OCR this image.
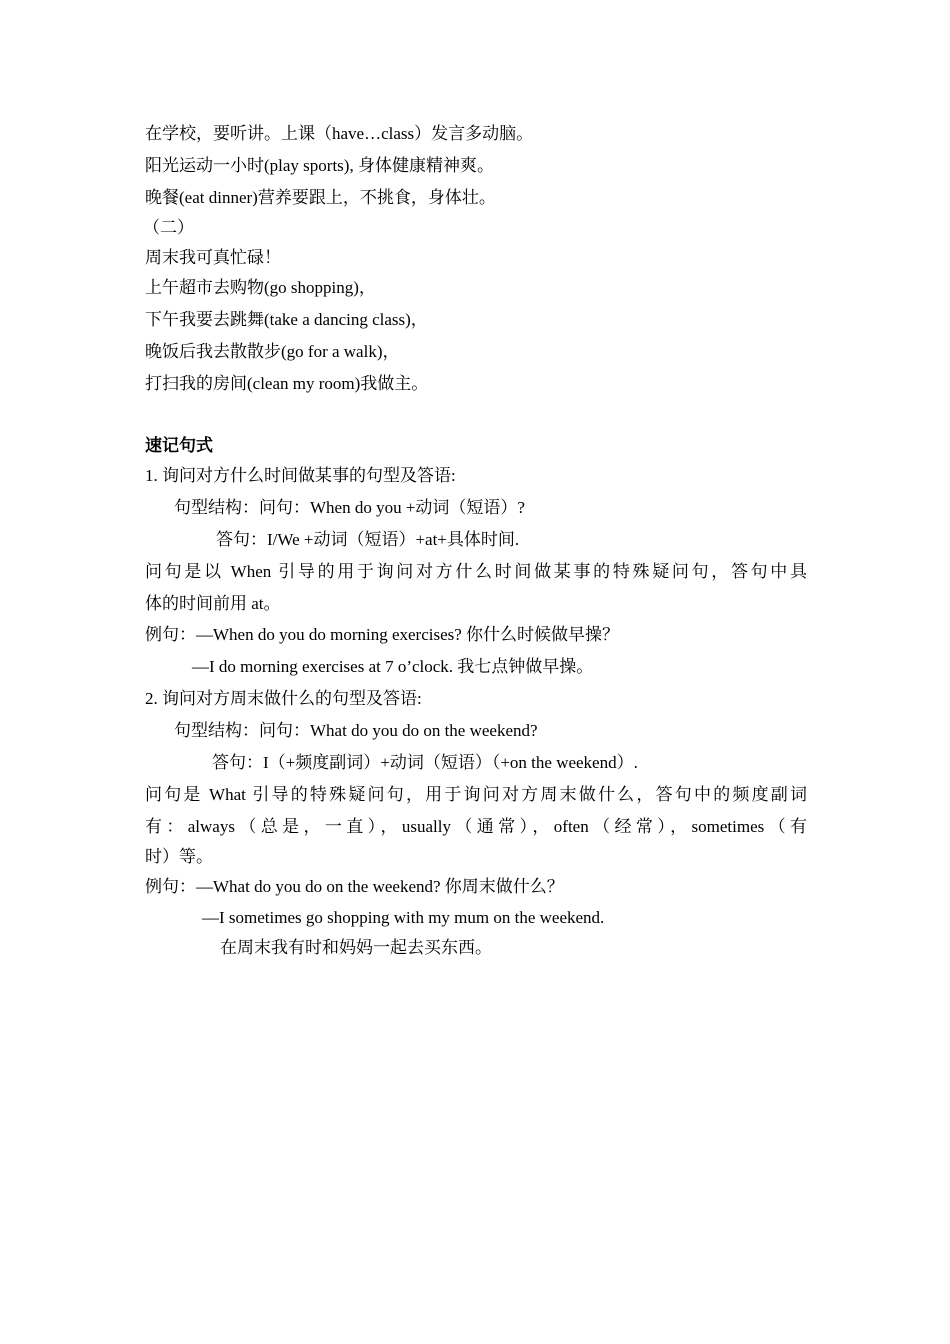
在学校，要听讲。上课（have…class）发言多动脑。
阳光运动一小时(play sports), 身体健康精神爽。
晚餐(eat dinner)营养要跟上，不挑食，身体壮。
（二）
周末我可真忙碌！
上午超市去购物(go shopping)，
下午我要去跳舞(take a dancing class)，
晚饭后我去散散步(go for a walk)，
打扫我的房间(clean my room)我做主。
速记句式
1. 询问对方什么时间做某事的句型及答语:
句型结构：问句：When do you +动词（短语）?
答句：I/We +动词（短语）+at+具体时间.
问句是以 When 引导的用于询问对方什么时间做某事的特殊疑问句，答句中具
体的时间前用 at。
例句：—When do you do morning exercises? 你什么时候做早操？
—I do morning exercises at 7 o’clock. 我七点钟做早操。
2. 询问对方周末做什么的句型及答语:
句型结构：问句：What do you do on the weekend?
答句：I（+频度副词）+动词（短语）（+on the weekend）.
问句是 What 引导的特殊疑问句，用于询问对方周末做什么，答句中的频度副词
有：always（总是，一直），usually（通常），often（经常），sometimes（有
时）等。
例句：—What do you do on the weekend? 你周末做什么？
—I sometimes go shopping with my mum on the weekend.
在周末我有时和妈妈一起去买东西。
